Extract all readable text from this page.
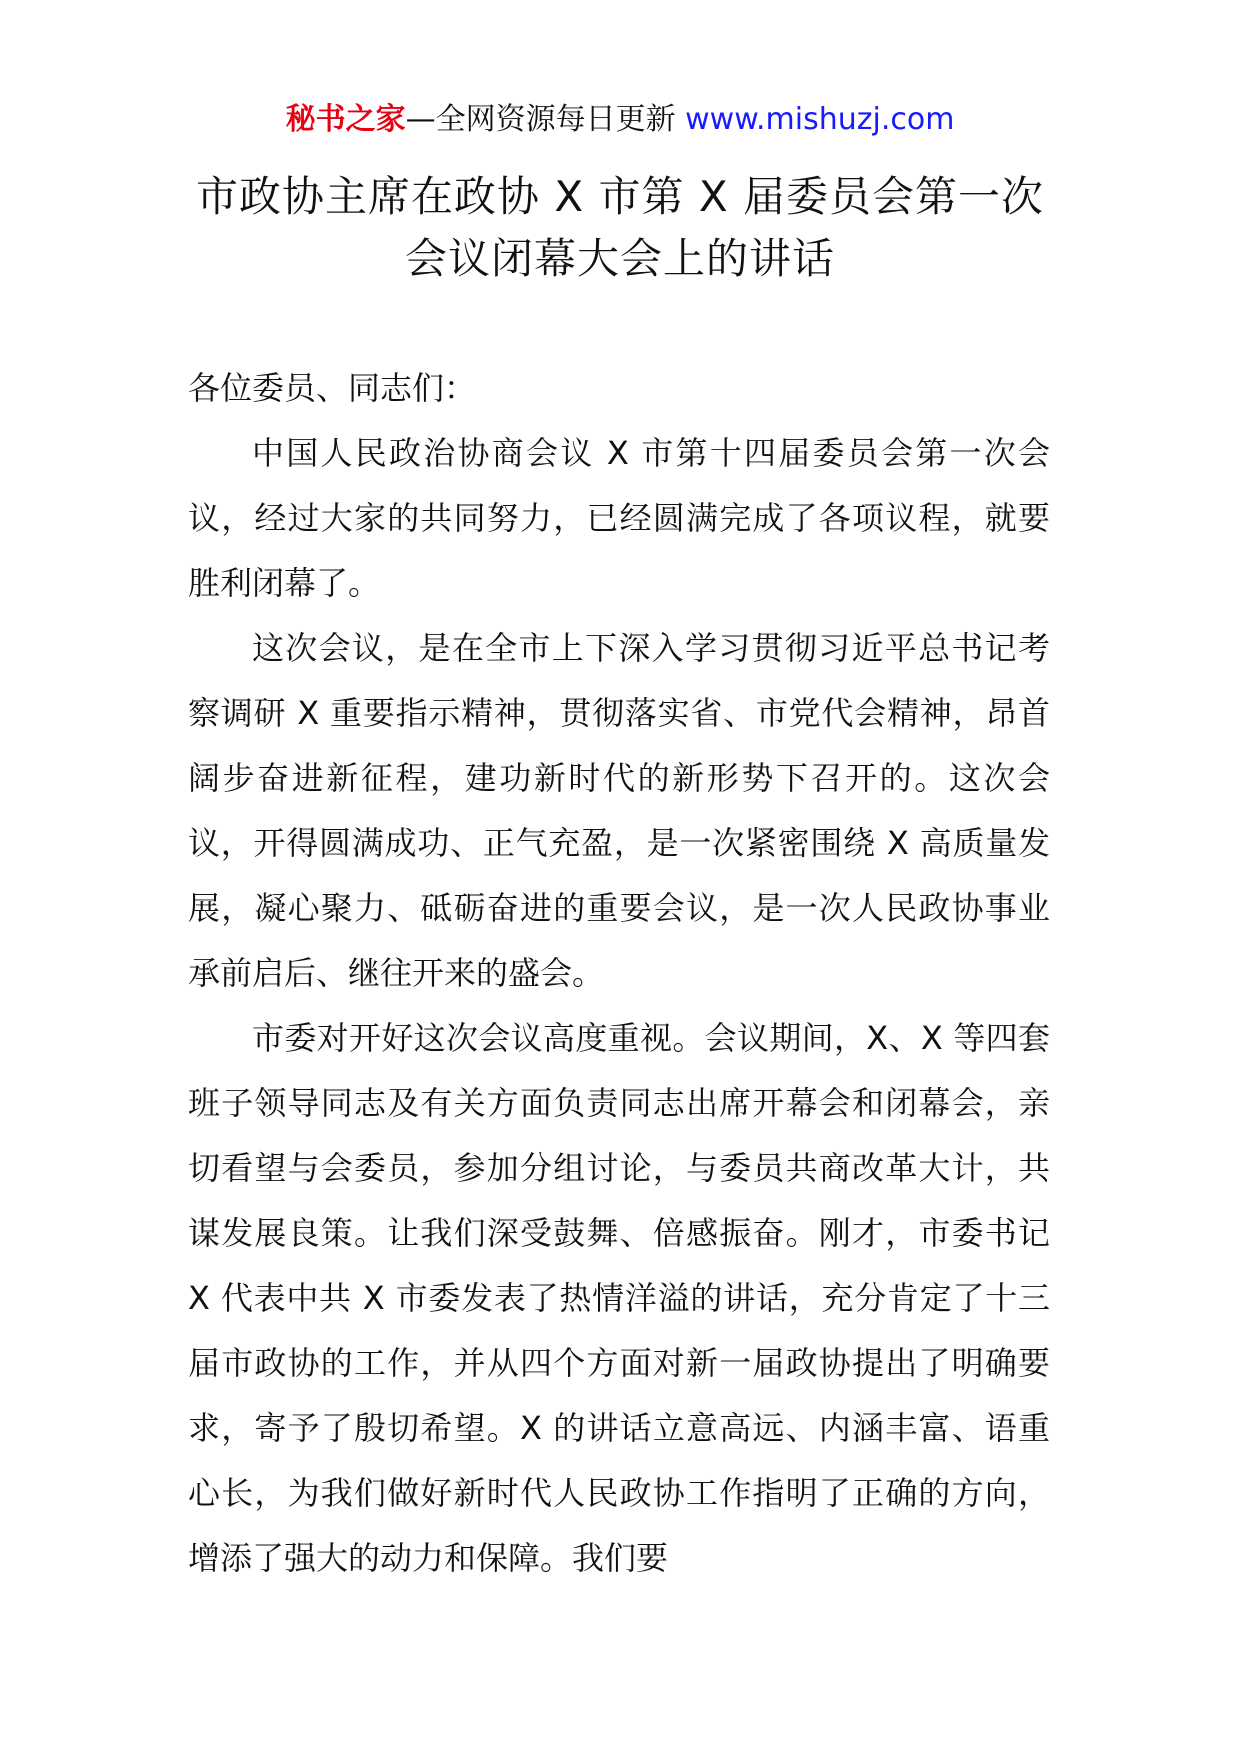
秘书之家—全网资源每日更新 www.mishuzj.com
市政协主席在政协 X 市第 X 届委员会第一次
会议闭幕大会上的讲话

各位委员、同志们：

中国人民政治协商会议 X 市第十四届委员会第一次会议，经过大家的共同努力，已经圆满完成了各项议程，就要胜利闭幕了。

这次会议，是在全市上下深入学习贯彻习近平总书记考察调研 X 重要指示精神，贯彻落实省、市党代会精神，昂首阔步奋进新征程，建功新时代的新形势下召开的。这次会议，开得圆满成功、正气充盈，是一次紧密围绕 X 高质量发展，凝心聚力、砥砺奋进的重要会议，是一次人民政协事业承前启后、继往开来的盛会。

市委对开好这次会议高度重视。会议期间，X、X 等四套班子领导同志及有关方面负责同志出席开幕会和闭幕会，亲切看望与会委员，参加分组讨论，与委员共商改革大计，共谋发展良策。让我们深受鼓舞、倍感振奋。刚才，市委书记 X 代表中共 X 市委发表了热情洋溢的讲话，充分肯定了十三届市政协的工作，并从四个方面对新一届政协提出了明确要求，寄予了殷切希望。X 的讲话立意高远、内涵丰富、语重心长，为我们做好新时代人民政协工作指明了正确的方向，增添了强大的动力和保障。我们要
